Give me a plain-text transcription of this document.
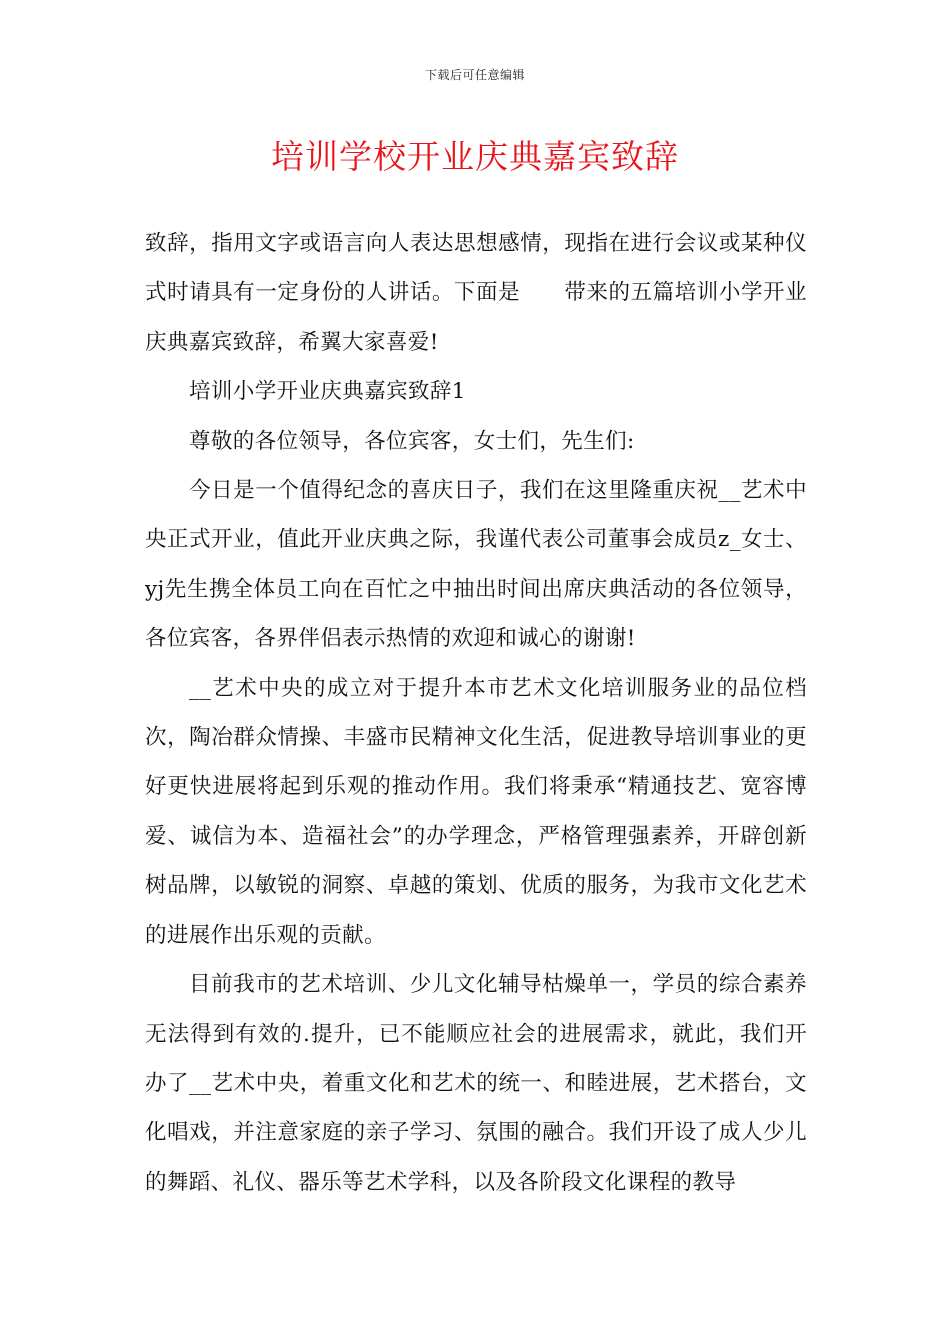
下载后可任意编辑
培训学校开业庆典嘉宾致辞

致辞，指用文字或语言向人表达思想感情，现指在进行会议或某种仪式时请具有一定身份的人讲话。下面是　　带来的五篇培训小学开业庆典嘉宾致辞，希翼大家喜爱!

培训小学开业庆典嘉宾致辞1

尊敬的各位领导，各位宾客，女士们，先生们:

今日是一个值得纪念的喜庆日子，我们在这里隆重庆祝__艺术中央正式开业，值此开业庆典之际，我谨代表公司董事会成员z_女士、yj先生携全体员工向在百忙之中抽出时间出席庆典活动的各位领导，各位宾客，各界伴侣表示热情的欢迎和诚心的谢谢!

__艺术中央的成立对于提升本市艺术文化培训服务业的品位档次，陶冶群众情操、丰盛市民精神文化生活，促进教导培训事业的更好更快进展将起到乐观的推动作用。我们将秉承“精通技艺、宽容博爱、诚信为本、造福社会”的办学理念，严格管理强素养，开辟创新树品牌，以敏锐的洞察、卓越的策划、优质的服务，为我市文化艺术的进展作出乐观的贡献。

目前我市的艺术培训、少儿文化辅导枯燥单一，学员的综合素养无法得到有效的.提升，已不能顺应社会的进展需求，就此，我们开办了__艺术中央，着重文化和艺术的统一、和睦进展，艺术搭台，文化唱戏，并注意家庭的亲子学习、氛围的融合。我们开设了成人少儿的舞蹈、礼仪、器乐等艺术学科，以及各阶段文化课程的教导
